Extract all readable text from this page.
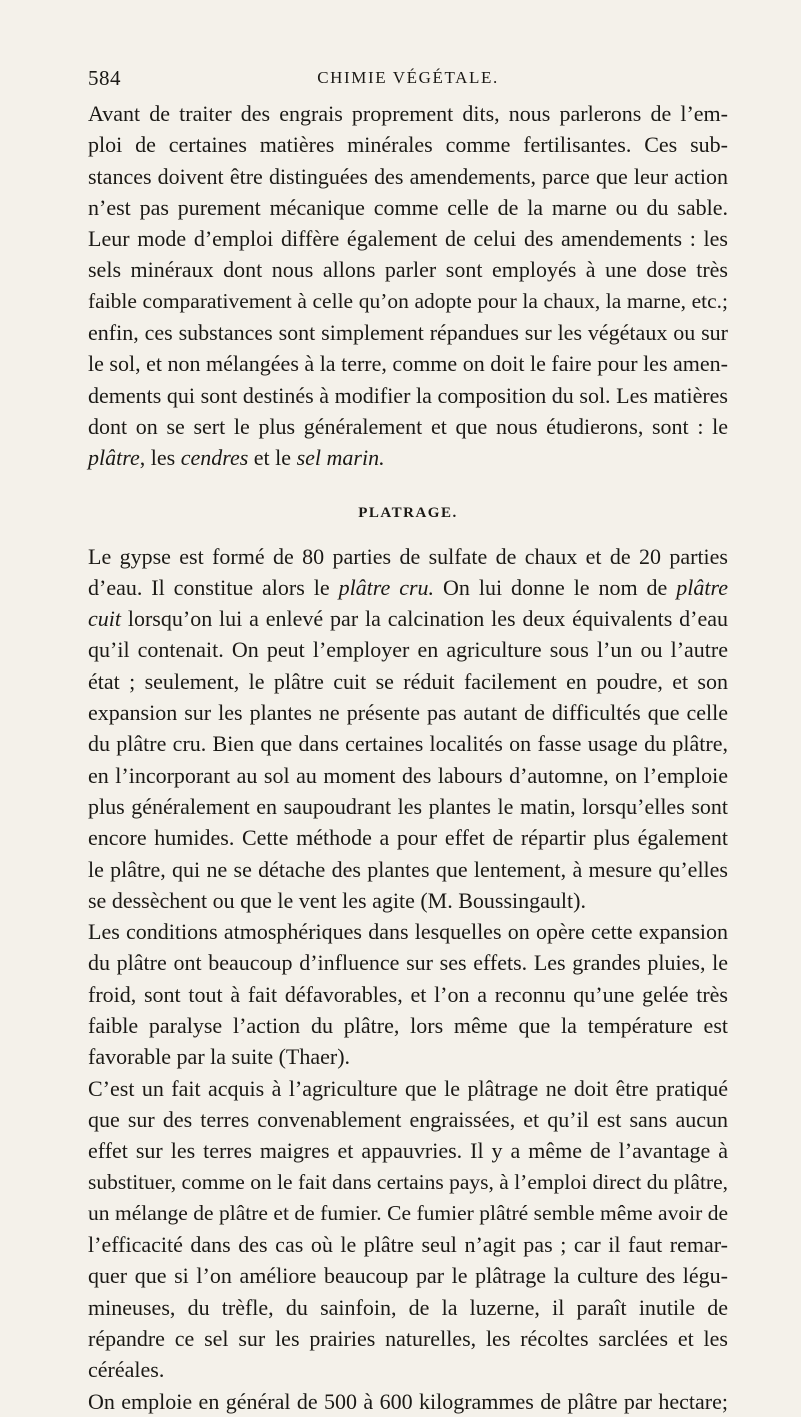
584	CHIMIE VÉGÉTALE.

Avant de traiter des engrais proprement dits, nous parlerons de l’em-
ploi de certaines matières minérales comme fertilisantes. Ces sub-
stances doivent être distinguées des amendements, parce que leur action
n’est pas purement mécanique comme celle de la marne ou du sable.
Leur mode d’emploi diffère également de celui des amendements : les
sels minéraux dont nous allons parler sont employés à une dose très
faible comparativement à celle qu’on adopte pour la chaux, la marne, etc.;
enfin, ces substances sont simplement répandues sur les végétaux ou sur
le sol, et non mélangées à la terre, comme on doit le faire pour les amen-
dements qui sont destinés à modifier la composition du sol. Les matières
dont on se sert le plus généralement et que nous étudierons, sont : le
plâtre, les cendres et le sel marin.

PLATRAGE.

Le gypse est formé de 80 parties de sulfate de chaux et de 20 parties
d’eau. Il constitue alors le plâtre cru. On lui donne le nom de plâtre
cuit lorsqu’on lui a enlevé par la calcination les deux équivalents d’eau
qu’il contenait. On peut l’employer en agriculture sous l’un ou l’autre
état ; seulement, le plâtre cuit se réduit facilement en poudre, et son
expansion sur les plantes ne présente pas autant de difficultés que celle
du plâtre cru. Bien que dans certaines localités on fasse usage du plâtre,
en l’incorporant au sol au moment des labours d’automne, on l’emploie
plus généralement en saupoudrant les plantes le matin, lorsqu’elles sont
encore humides. Cette méthode a pour effet de répartir plus également
le plâtre, qui ne se détache des plantes que lentement, à mesure qu’elles
se dessèchent ou que le vent les agite (M. Boussingault).

Les conditions atmosphériques dans lesquelles on opère cette expansion
du plâtre ont beaucoup d’influence sur ses effets. Les grandes pluies, le
froid, sont tout à fait défavorables, et l’on a reconnu qu’une gelée très
faible paralyse l’action du plâtre, lors même que la température est
favorable par la suite (Thaer).

C’est un fait acquis à l’agriculture que le plâtrage ne doit être pratiqué
que sur des terres convenablement engraissées, et qu’il est sans aucun
effet sur les terres maigres et appauvries. Il y a même de l’avantage à
substituer, comme on le fait dans certains pays, à l’emploi direct du plâtre,
un mélange de plâtre et de fumier. Ce fumier plâtré semble même avoir de
l’efficacité dans des cas où le plâtre seul n’agit pas ; car il faut remar-
quer que si l’on améliore beaucoup par le plâtrage la culture des légu-
mineuses, du trèfle, du sainfoin, de la luzerne, il paraît inutile de
répandre ce sel sur les prairies naturelles, les récoltes sarclées et les
céréales.

On emploie en général de 500 à 600 kilogrammes de plâtre par hectare;
